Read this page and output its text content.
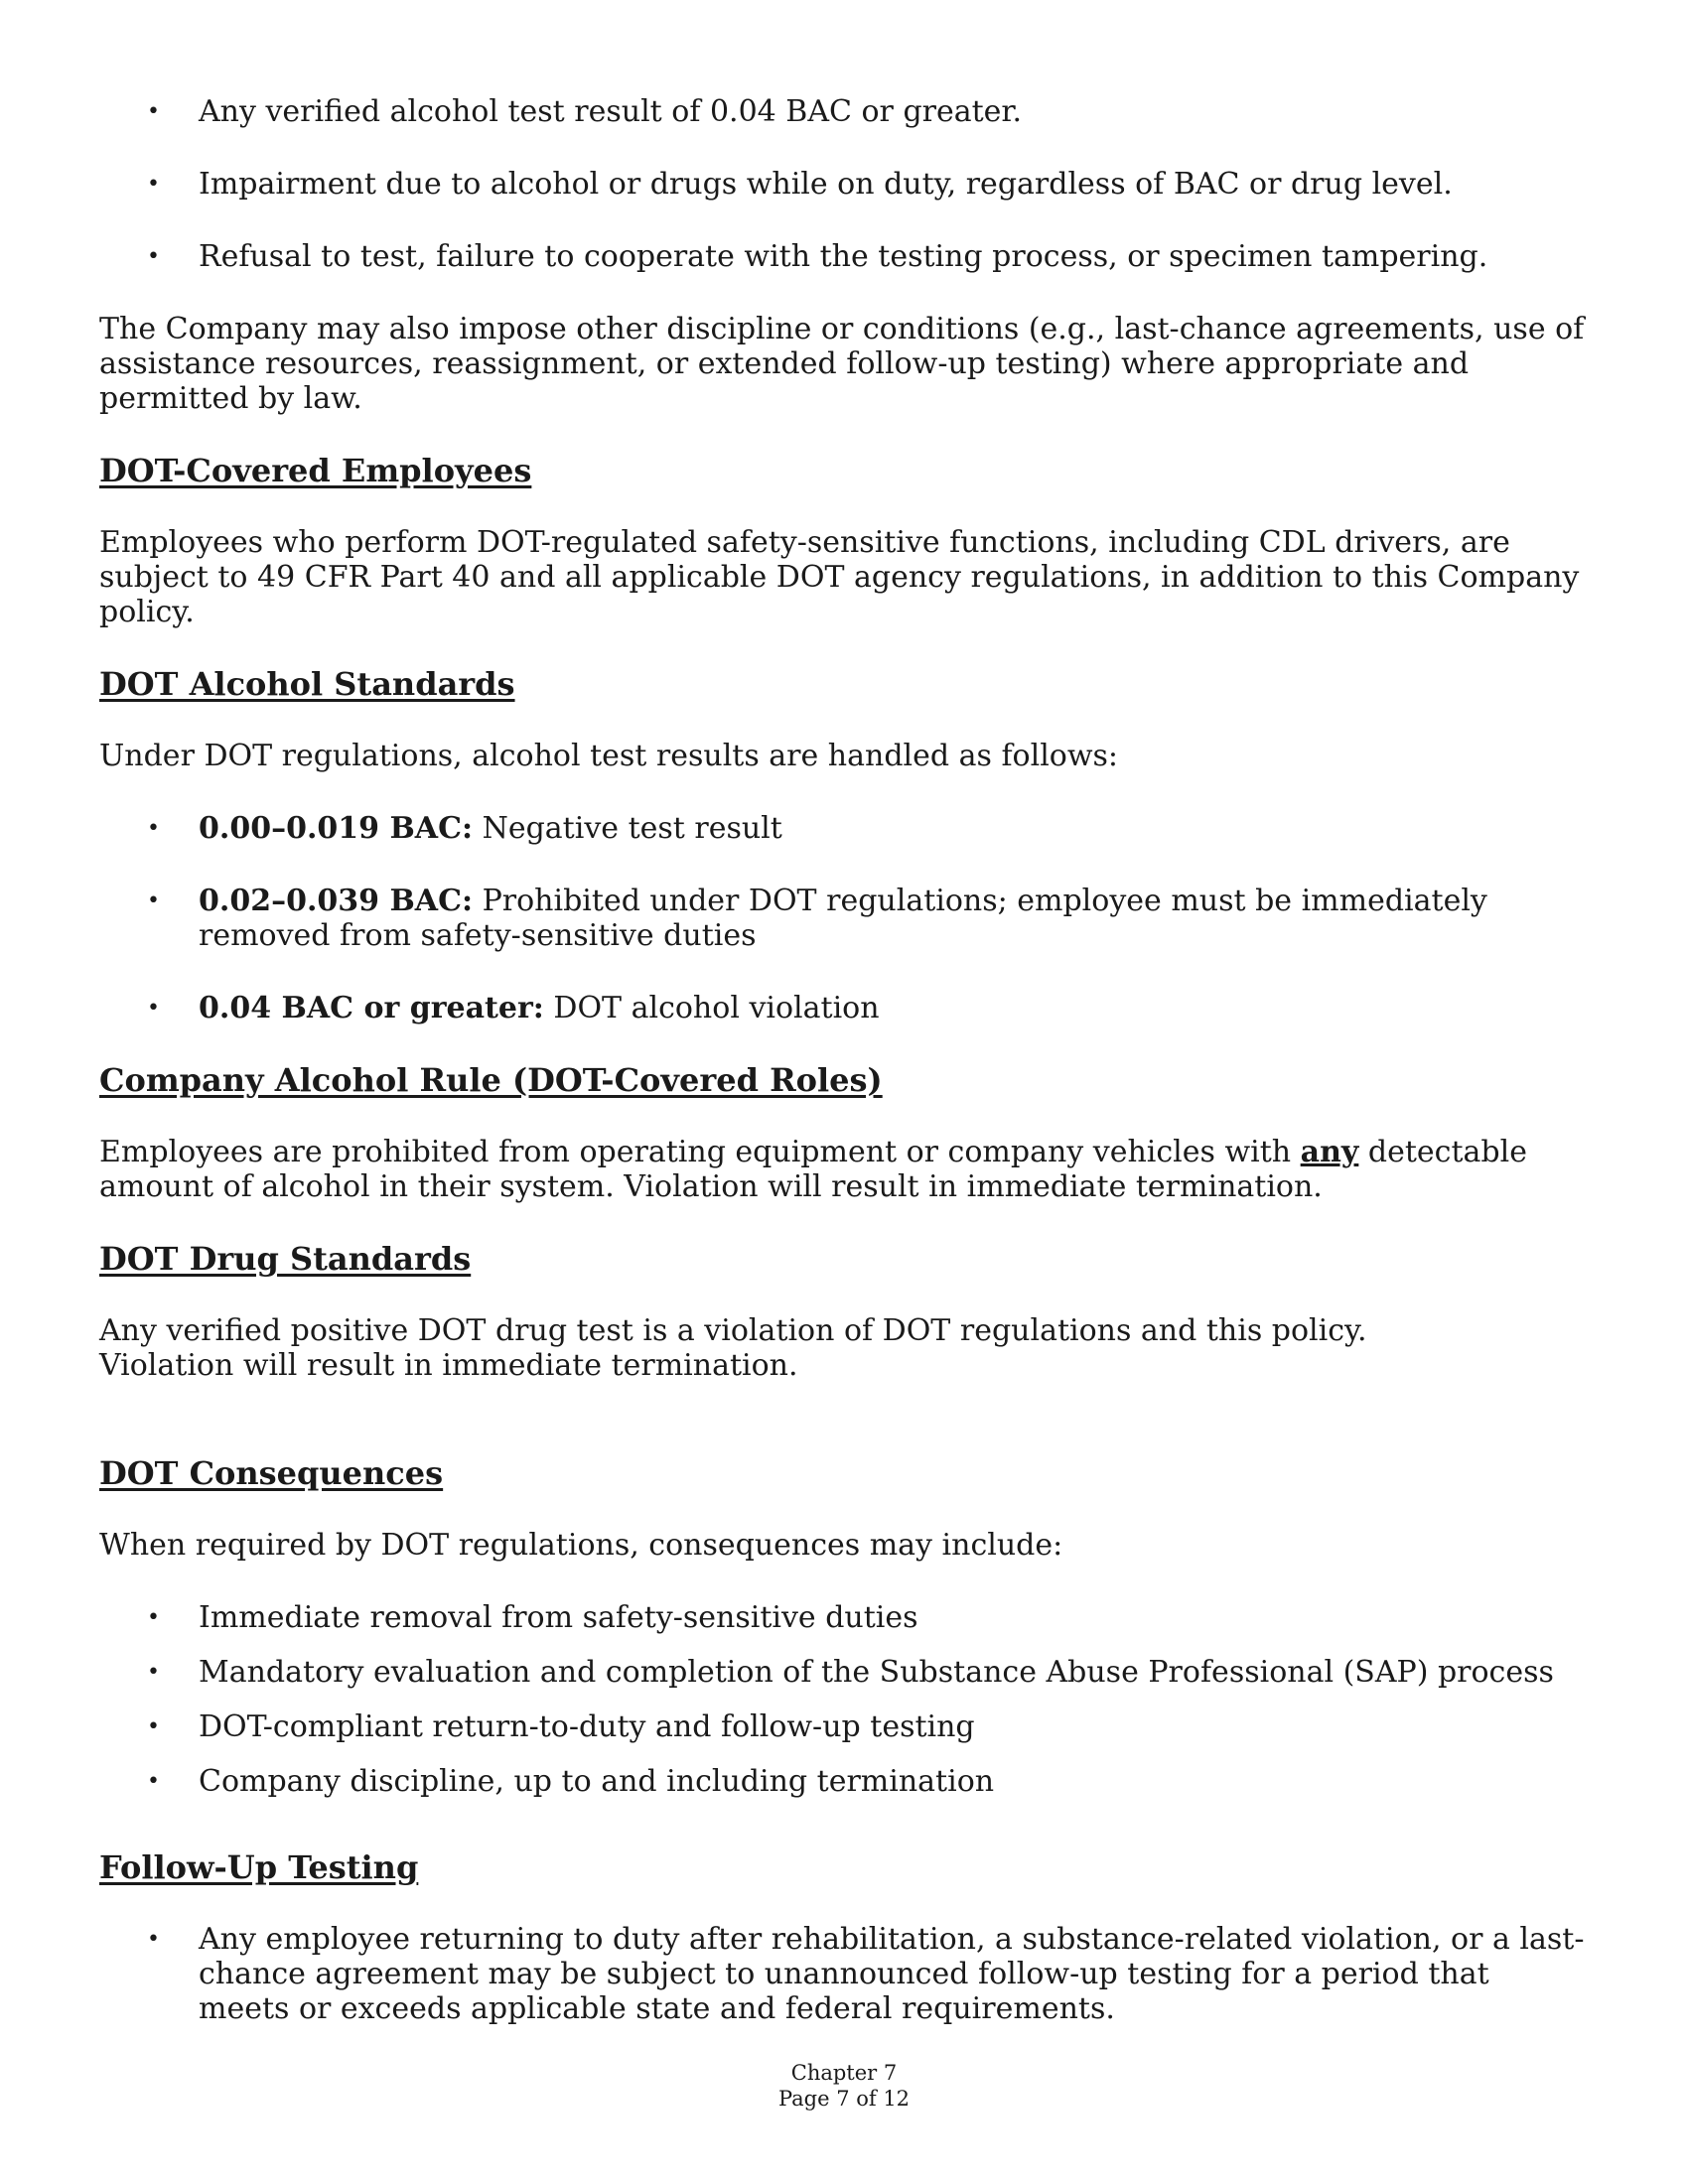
• Any verified alcohol test result of 0.04 BAC or greater.
• Impairment due to alcohol or drugs while on duty, regardless of BAC or drug level.
• Refusal to test, failure to cooperate with the testing process, or specimen tampering.

The Company may also impose other discipline or conditions (e.g., last-chance agreements, use of assistance resources, reassignment, or extended follow-up testing) where appropriate and permitted by law.

DOT-Covered Employees

Employees who perform DOT-regulated safety-sensitive functions, including CDL drivers, are subject to 49 CFR Part 40 and all applicable DOT agency regulations, in addition to this Company policy.

DOT Alcohol Standards

Under DOT regulations, alcohol test results are handled as follows:

• 0.00–0.019 BAC: Negative test result
• 0.02–0.039 BAC: Prohibited under DOT regulations; employee must be immediately removed from safety-sensitive duties
• 0.04 BAC or greater: DOT alcohol violation
Company Alcohol Rule (DOT-Covered Roles)

Employees are prohibited from operating equipment or company vehicles with any detectable amount of alcohol in their system. Violation will result in immediate termination.

DOT Drug Standards

Any verified positive DOT drug test is a violation of DOT regulations and this policy.

Violation will result in immediate termination.

DOT Consequences

When required by DOT regulations, consequences may include:

• Immediate removal from safety-sensitive duties
• Mandatory evaluation and completion of the Substance Abuse Professional (SAP) process
• DOT-compliant return-to-duty and follow-up testing
• Company discipline, up to and including termination
Follow-Up Testing
• Any employee returning to duty after rehabilitation, a substance-related violation, or a last-chance agreement may be subject to unannounced follow-up testing for a period that meets or exceeds applicable state and federal requirements.
Chapter 7
Page 7 of 12
